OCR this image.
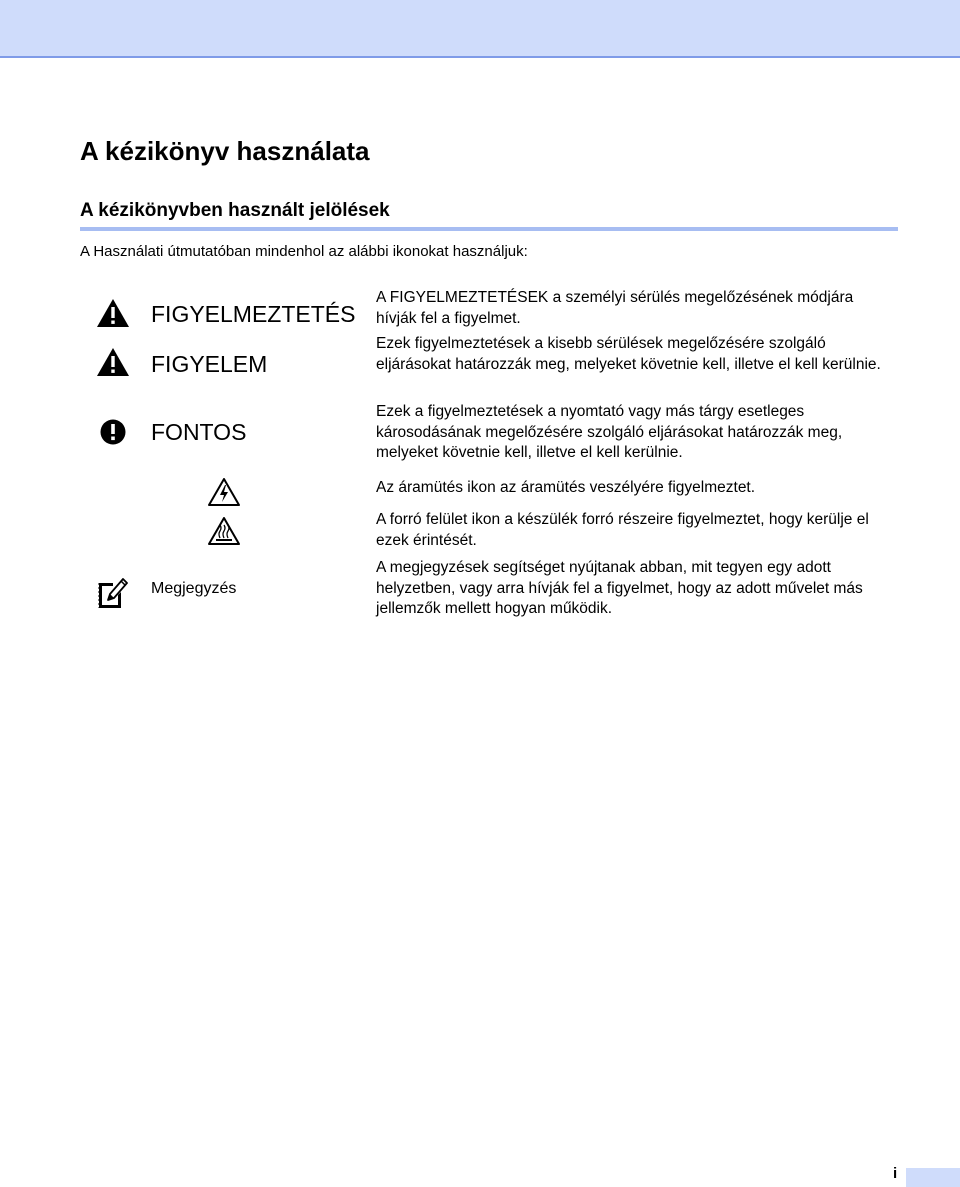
A kézikönyv használata
A kézikönyvben használt jelölések

A Használati útmutatóban mindenhol az alábbi ikonokat használjuk:

FIGYELMEZTETÉS

A FIGYELMEZTETÉSEK a személyi sérülés megelőzésének módjára hívják fel a figyelmet.

FIGYELEM

Ezek figyelmeztetések a kisebb sérülések megelőzésére szolgáló eljárásokat határozzák meg, melyeket követnie kell, illetve el kell kerülnie.

FONTOS

Ezek a figyelmeztetések a nyomtató vagy más tárgy esetleges károsodásának megelőzésére szolgáló eljárásokat határozzák meg, melyeket követnie kell, illetve el kell kerülnie.

Az áramütés ikon az áramütés veszélyére figyelmeztet.

A forró felület ikon a készülék forró részeire figyelmeztet, hogy kerülje el ezek érintését.

Megjegyzés

A megjegyzések segítséget nyújtanak abban, mit tegyen egy adott helyzetben, vagy arra hívják fel a figyelmet, hogy az adott művelet más jellemzők mellett hogyan működik.

i
